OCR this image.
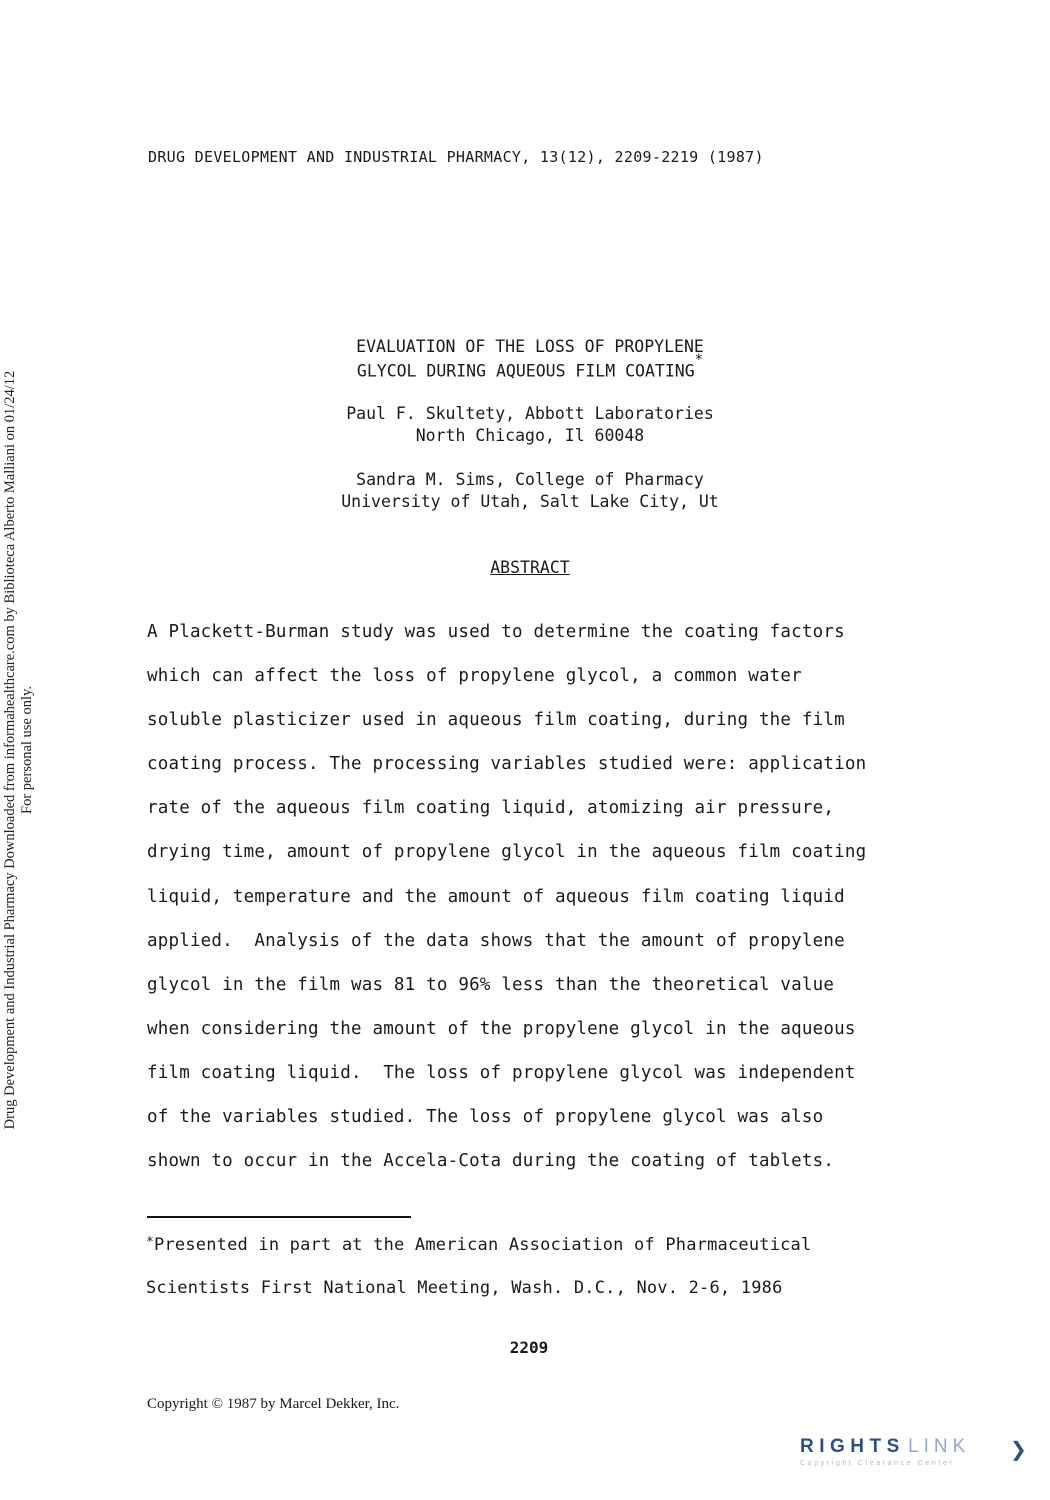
DRUG DEVELOPMENT AND INDUSTRIAL PHARMACY, 13(12), 2209-2219 (1987)
Drug Development and Industrial Pharmacy Downloaded from informahealthcare.com by Biblioteca Alberto Malliani on 01/24/12 For personal use only.
EVALUATION OF THE LOSS OF PROPYLENE
GLYCOL DURING AQUEOUS FILM COATING*
Paul F. Skultety, Abbott Laboratories
North Chicago, Il 60048
Sandra M. Sims, College of Pharmacy
University of Utah, Salt Lake City, Ut
ABSTRACT
A Plackett-Burman study was used to determine the coating factors
which can affect the loss of propylene glycol, a common water
soluble plasticizer used in aqueous film coating, during the film
coating process. The processing variables studied were: application
rate of the aqueous film coating liquid, atomizing air pressure,
drying time, amount of propylene glycol in the aqueous film coating
liquid, temperature and the amount of aqueous film coating liquid
applied.  Analysis of the data shows that the amount of propylene
glycol in the film was 81 to 96% less than the theoretical value
when considering the amount of the propylene glycol in the aqueous
film coating liquid.  The loss of propylene glycol was independent
of the variables studied. The loss of propylene glycol was also
shown to occur in the Accela-Cota during the coating of tablets.
*Presented in part at the American Association of Pharmaceutical
Scientists First National Meeting, Wash. D.C., Nov. 2-6, 1986
2209
Copyright © 1987 by Marcel Dekker, Inc.
RIGHTS LINK ❯
Copyright Clearance Center
